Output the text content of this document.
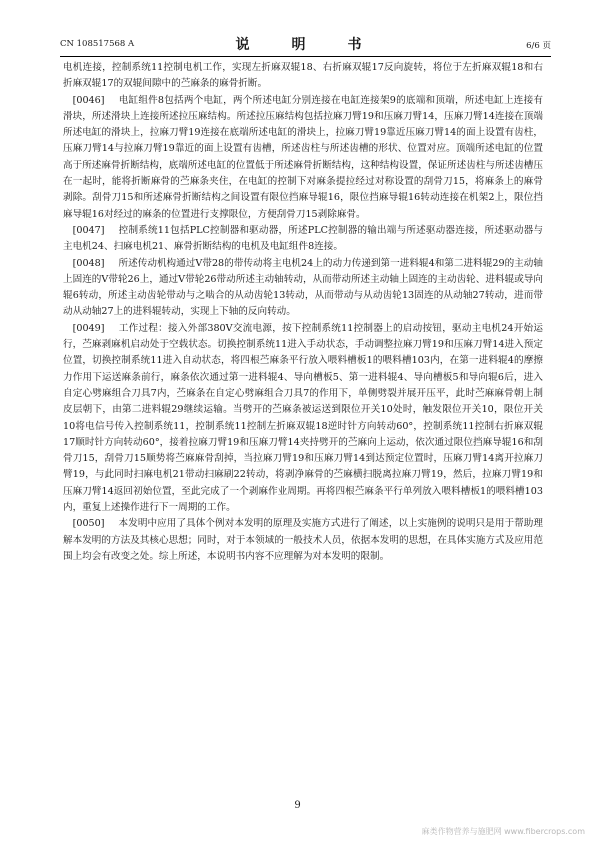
CN 108517568 A	说　明　书	6/6 页

电机连接，控制系统11控制电机工作，实现左折麻双辊18、右折麻双辊17反向旋转，将位于左折麻双辊18和右折麻双辊17的双辊间隙中的苎麻条的麻骨折断。

 [0046] 电缸组件8包括两个电缸，两个所述电缸分别连接在电缸连接架9的底端和顶端，所述电缸上连接有滑块，所述滑块上连接所述拉压麻结构。所述拉压麻结构包括拉麻刀臂19和压麻刀臂14，压麻刀臂14连接在顶端所述电缸的滑块上，拉麻刀臂19连接在底端所述电缸的滑块上，拉麻刀臂19靠近压麻刀臂14的面上设置有齿柱，压麻刀臂14与拉麻刀臂19靠近的面上设置有齿槽，所述齿柱与所述齿槽的形状、位置对应。顶端所述电缸的位置高于所述麻骨折断结构，底端所述电缸的位置低于所述麻骨折断结构，这种结构设置，保证所述齿柱与所述齿槽压在一起时，能将折断麻骨的苎麻条夹住，在电缸的控制下对麻条提拉经过对称设置的刮骨刀15，将麻条上的麻骨剥除。刮骨刀15和所述麻骨折断结构之间设置有限位挡麻导辊16，限位挡麻导辊16转动连接在机架2上，限位挡麻导辊16对经过的麻条的位置进行支撑限位，方便刮骨刀15剥除麻骨。

 [0047] 控制系统11包括PLC控制器和驱动器，所述PLC控制器的输出端与所述驱动器连接，所述驱动器与主电机24、扫麻电机21、麻骨折断结构的电机及电缸组件8连接。

 [0048] 所述传动机构通过V带28的带传动将主电机24上的动力传递到第一进料辊4和第二进料辊29的主动轴上固连的V带轮26上，通过V带轮26带动所述主动轴转动，从而带动所述主动轴上固连的主动齿轮、进料辊或导向辊6转动，所述主动齿轮带动与之啮合的从动齿轮13转动，从而带动与从动齿轮13固连的从动轴27转动，进而带动从动轴27上的进料辊转动，实现上下轴的反向转动。

 [0049] 工作过程：接入外部380V交流电源，按下控制系统11控制器上的启动按钮，驱动主电机24开始运行，苎麻剥麻机启动处于空载状态。切换控制系统11进入手动状态，手动调整拉麻刀臂19和压麻刀臂14进入预定位置，切换控制系统11进入自动状态，将四根苎麻条平行放入喂料槽板1的喂料槽103内，在第一进料辊4的摩擦力作用下运送麻条前行，麻条依次通过第一进料辊4、导向槽板5、第一进料辊4、导向槽板5和导向辊6后，进入自定心劈麻组合刀具7内，苎麻条在自定心劈麻组合刀具7的作用下，单侧劈裂并展开压平，此时苎麻麻骨朝上制皮层朝下，由第二进料辊29继续运输。当劈开的苎麻条被运送到限位开关10处时，触发限位开关10，限位开关10将电信号传入控制系统11，控制系统11控制左折麻双辊18逆时针方向转动60°，控制系统11控制右折麻双辊17顺时针方向转动60°，接着拉麻刀臂19和压麻刀臂14夹持劈开的苎麻向上运动，依次通过限位挡麻导辊16和刮骨刀15，刮骨刀15顺势将苎麻麻骨刮掉，当拉麻刀臂19和压麻刀臂14到达预定位置时，压麻刀臂14离开拉麻刀臂19，与此同时扫麻电机21带动扫麻刷22转动，将剥净麻骨的苎麻横扫脱离拉麻刀臂19，然后，拉麻刀臂19和压麻刀臂14返回初始位置，至此完成了一个剥麻作业周期。再将四根苎麻条平行单列放入喂料槽板1的喂料槽103内，重复上述操作进行下一周期的工作。

 [0050] 本发明中应用了具体个例对本发明的原理及实施方式进行了阐述，以上实施例的说明只是用于帮助理解本发明的方法及其核心思想；同时，对于本领域的一般技术人员，依据本发明的思想，在具体实施方式及应用范围上均会有改变之处。综上所述，本说明书内容不应理解为对本发明的限制。

9
麻类作物营养与施肥网 www.fibercrops.com
